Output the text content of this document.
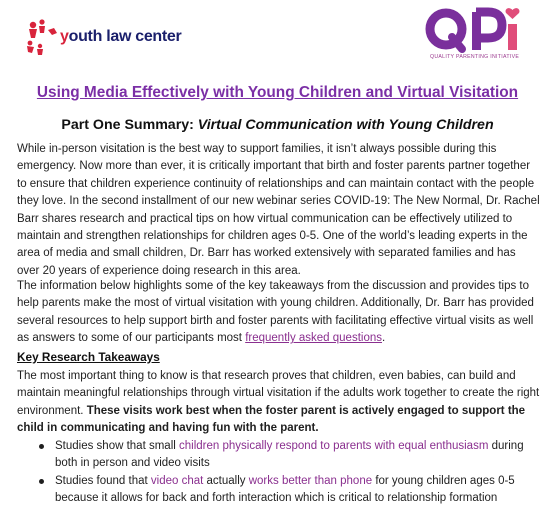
youth law center
QUALITY PARENTING INITIATIVE
Using Media Effectively with Young Children and Virtual Visitation
Part One Summary: Virtual Communication with Young Children

While in-person visitation is the best way to support families, it isn’t always possible during this emergency. Now more than ever, it is critically important that birth and foster parents partner together to ensure that children experience continuity of relationships and can maintain contact with the people they love. In the second installment of our new webinar series COVID-19: The New Normal, Dr. Rachel Barr shares research and practical tips on how virtual communication can be effectively utilized to maintain and strengthen relationships for children ages 0-5. One of the world’s leading experts in the area of media and small children, Dr. Barr has worked extensively with separated families and has over 20 years of experience doing research in this area.

The information below highlights some of the key takeaways from the discussion and provides tips to help parents make the most of virtual visitation with young children. Additionally, Dr. Barr has provided several resources to help support birth and foster parents with facilitating effective virtual visits as well as answers to some of our participants most frequently asked questions.

Key Research Takeaways

The most important thing to know is that research proves that children, even babies, can build and maintain meaningful relationships through virtual visitation if the adults work together to create the right environment. These visits work best when the foster parent is actively engaged to support the child in communicating and having fun with the parent.

Studies show that small children physically respond to parents with equal enthusiasm during both in person and video visits
Studies found that video chat actually works better than phone for young children ages 0-5 because it allows for back and forth interaction which is critical to relationship formation
